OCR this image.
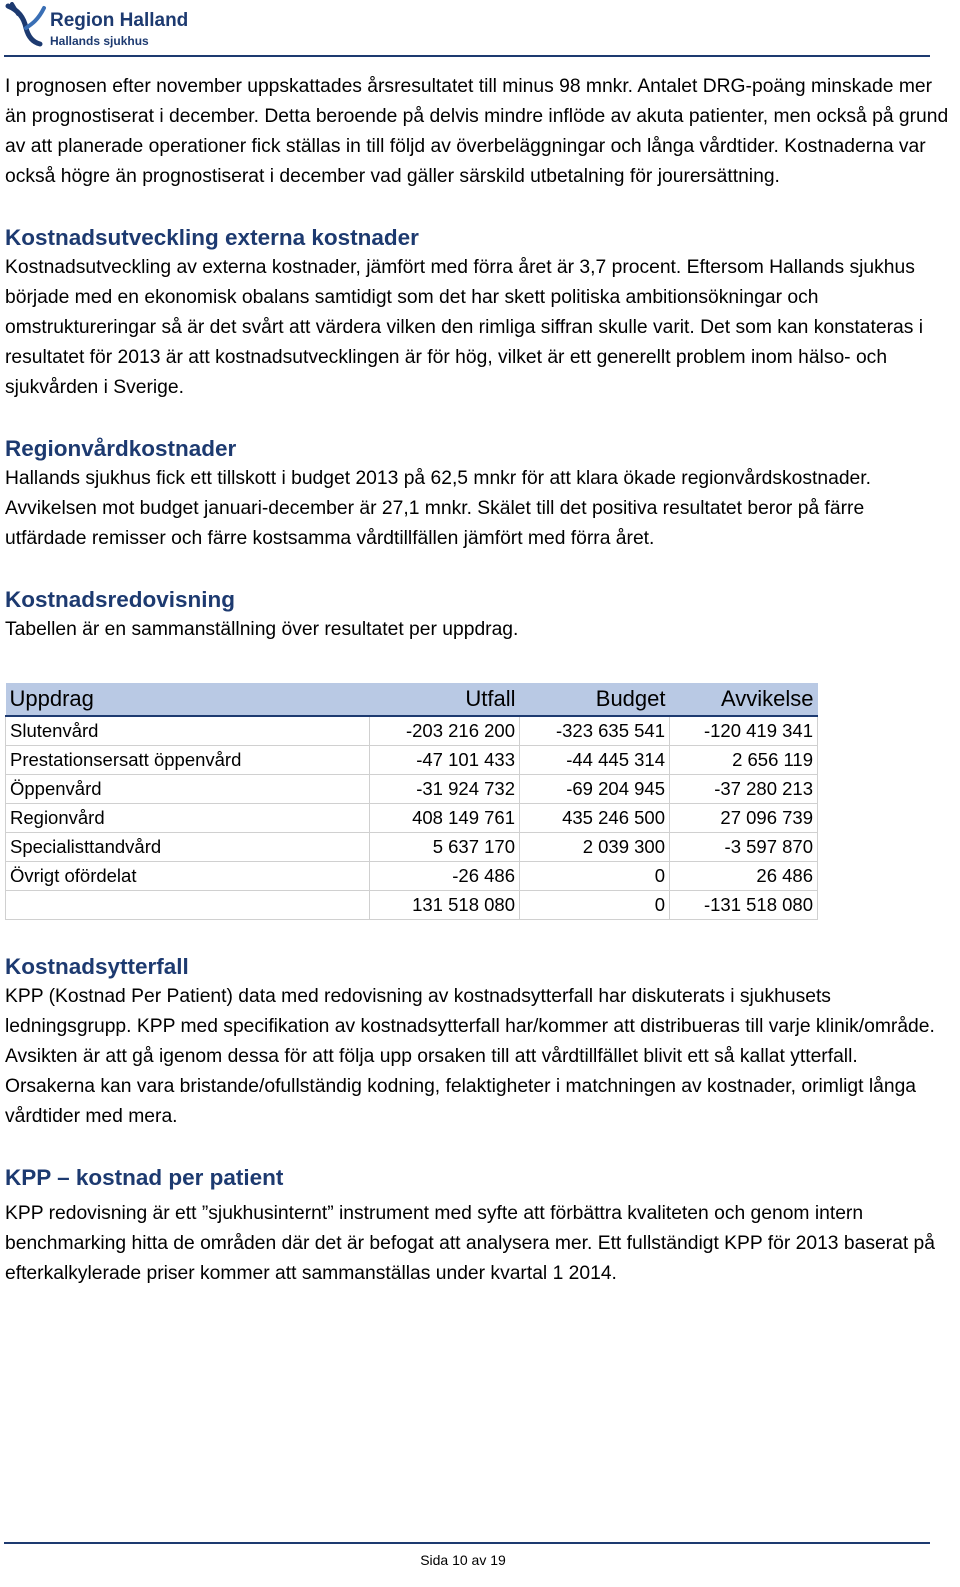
Region Halland
Hallands sjukhus

I prognosen efter november uppskattades årsresultatet till minus 98 mnkr. Antalet DRG-poäng minskade mer än prognostiserat i december. Detta beroende på delvis mindre inflöde av akuta patienter, men också på grund av att planerade operationer fick ställas in till följd av överbeläggningar och långa vårdtider. Kostnaderna var också högre än prognostiserat i december vad gäller särskild utbetalning för jourersättning.

Kostnadsutveckling externa kostnader

Kostnadsutveckling av externa kostnader, jämfört med förra året är 3,7 procent. Eftersom Hallands sjukhus började med en ekonomisk obalans samtidigt som det har skett politiska ambitionsökningar och omstruktureringar så är det svårt att värdera vilken den rimliga siffran skulle varit. Det som kan konstateras i resultatet för 2013 är att kostnadsutvecklingen är för hög, vilket är ett generellt problem inom hälso- och sjukvården i Sverige.

Regionvårdkostnader

Hallands sjukhus fick ett tillskott i budget 2013 på 62,5 mnkr för att klara ökade regionvårdskostnader. Avvikelsen mot budget januari-december är 27,1 mnkr. Skälet till det positiva resultatet beror på färre utfärdade remisser och färre kostsamma vårdtillfällen jämfört med förra året.

Kostnadsredovisning

Tabellen är en sammanställning över resultatet per uppdrag.

Uppdrag	Utfall	Budget	Avvikelse
Slutenvård	-203 216 200	-323 635 541	-120 419 341
Prestationsersatt öppenvård	-47 101 433	-44 445 314	2 656 119
Öppenvård	-31 924 732	-69 204 945	-37 280 213
Regionvård	408 149 761	435 246 500	27 096 739
Specialisttandvård	5 637 170	2 039 300	-3 597 870
Övrigt ofördelat	-26 486	0	26 486
	131 518 080	0	-131 518 080
Kostnadsytterfall

KPP (Kostnad Per Patient) data med redovisning av kostnadsytterfall har diskuterats i sjukhusets ledningsgrupp. KPP med specifikation av kostnadsytterfall har/kommer att distribueras till varje klinik/område. Avsikten är att gå igenom dessa för att följa upp orsaken till att vårdtillfället blivit ett så kallat ytterfall. Orsakerna kan vara bristande/ofullständig kodning, felaktigheter i matchningen av kostnader, orimligt långa vårdtider med mera.

KPP – kostnad per patient

KPP redovisning är ett ”sjukhusinternt” instrument med syfte att förbättra kvaliteten och genom intern benchmarking hitta de områden där det är befogat att analysera mer. Ett fullständigt KPP för 2013 baserat på efterkalkylerade priser kommer att sammanställas under kvartal 1 2014.

Sida 10 av 19
